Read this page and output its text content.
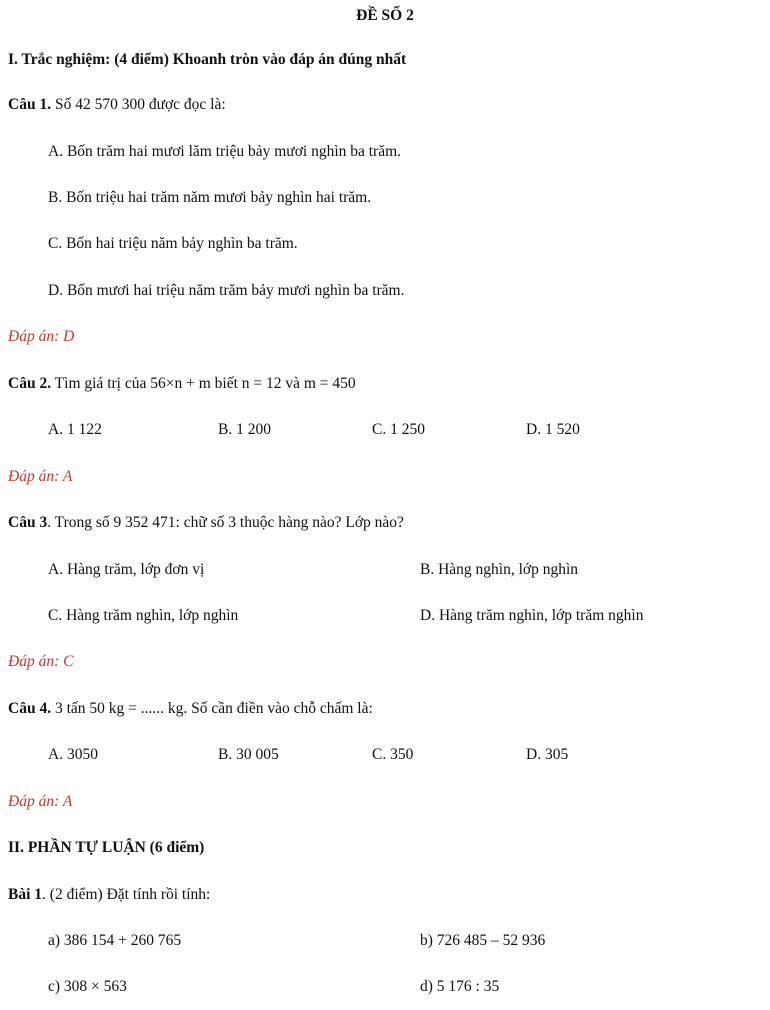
ĐỀ SỐ 2
I. Trắc nghiệm: (4 điểm) Khoanh tròn vào đáp án đúng nhất
Câu 1. Số 42 570 300 được đọc là:
A. Bốn trăm hai mươi lăm triệu bảy mươi nghìn ba trăm.
B. Bốn triệu hai trăm năm mươi bảy nghìn hai trăm.
C. Bốn hai triệu năm bảy nghìn ba trăm.
D. Bốn mươi hai triệu năm trăm bảy mươi nghìn ba trăm.
Đáp án: D
Câu 2. Tìm giá trị của 56×n + m biết n = 12 và m = 450
A. 1 122	B. 1 200	C. 1 250	D. 1 520
Đáp án: A
Câu 3. Trong số 9 352 471: chữ số 3 thuộc hàng nào? Lớp nào?
A. Hàng trăm, lớp đơn vị	B. Hàng nghìn, lớp nghìn
C. Hàng trăm nghìn, lớp nghìn	D. Hàng trăm nghìn, lớp trăm nghìn
Đáp án: C
Câu 4. 3 tấn 50 kg = ...... kg. Số cần điền vào chỗ chấm là:
A. 3050	B. 30 005	C. 350	D. 305
Đáp án: A
II. PHẦN TỰ LUẬN (6 điểm)
Bài 1. (2 điểm) Đặt tính rồi tính:
a) 386 154 + 260 765	b) 726 485 – 52 936
c) 308 × 563	d) 5 176 : 35
